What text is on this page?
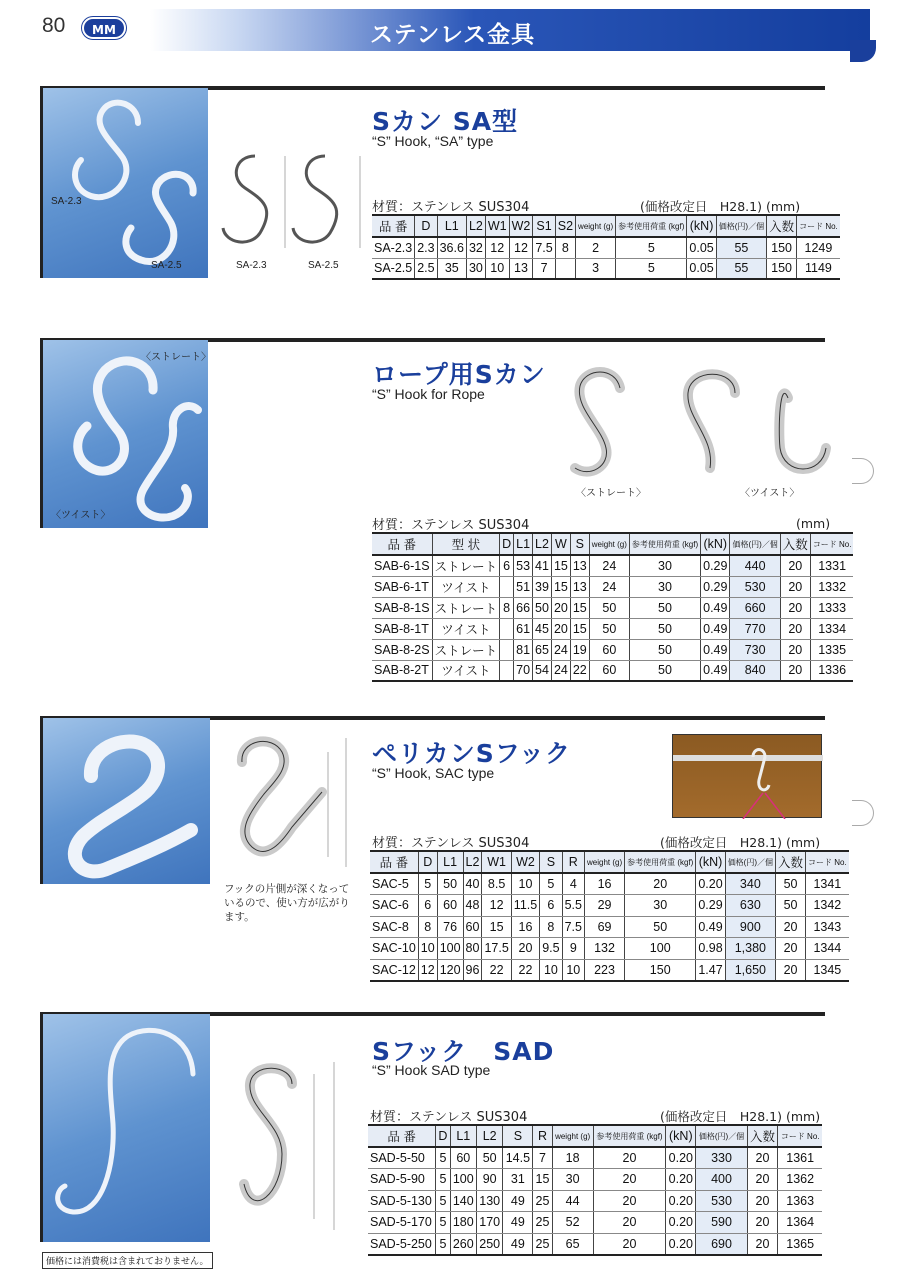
80	MM	ステンレス金具
SA-2.3
SA-2.5	SA-2.3	SA-2.5
Sカン SA型
“S” Hook, “SA” type
材質：ステンレス SUS304	(価格改定日　H28.1) (mm)
品 番	D	L1	L2	W1	W2	S1	S2	weight (g)	参考使用荷重 (kgf)	(kN)	価格(円)／個	入数	コード No.
SA-2.3	2.3	36.6	32	12	12	7.5	8	2	5	0.05	55	150	1249
SA-2.5	2.5	35	30	10	13	7		3	5	0.05	55	150	1149
〈ストレート〉
〈ツイスト〉
〈ストレート〉	〈ツイスト〉
ロープ用Sカン
“S” Hook for Rope
材質：ステンレス SUS304	(mm)
品 番	型 状	D	L1	L2	W	S	weight (g)	参考使用荷重 (kgf)	(kN)	価格(円)／個	入数	コード No.
SAB-6-1S	ストレート	6	53	41	15	13	24	30	0.29	440	20	1331
SAB-6-1T	ツイスト		51	39	15	13	24	30	0.29	530	20	1332
SAB-8-1S	ストレート	8	66	50	20	15	50	50	0.49	660	20	1333
SAB-8-1T	ツイスト		61	45	20	15	50	50	0.49	770	20	1334
SAB-8-2S	ストレート		81	65	24	19	60	50	0.49	730	20	1335
SAB-8-2T	ツイスト		70	54	24	22	60	50	0.49	840	20	1336
フックの片側が深くなっているので、使い方が広がります。
ペリカンSフック
“S” Hook, SAC type
材質：ステンレス SUS304	(価格改定日　H28.1) (mm)
品 番	D	L1	L2	W1	W2	S	R	weight (g)	参考使用荷重 (kgf)	(kN)	価格(円)／個	入数	コード No.
SAC-5	5	50	40	8.5	10	5	4	16	20	0.20	340	50	1341
SAC-6	6	60	48	12	11.5	6	5.5	29	30	0.29	630	50	1342
SAC-8	8	76	60	15	16	8	7.5	69	50	0.49	900	20	1343
SAC-10	10	100	80	17.5	20	9.5	9	132	100	0.98	1,380	20	1344
SAC-12	12	120	96	22	22	10	10	223	150	1.47	1,650	20	1345
Sフック　SAD
“S” Hook SAD type
材質：ステンレス SUS304	(価格改定日　H28.1) (mm)
品 番	D	L1	L2	S	R	weight (g)	参考使用荷重 (kgf)	(kN)	価格(円)／個	入数	コード No.
SAD-5-50	5	60	50	14.5	7	18	20	0.20	330	20	1361
SAD-5-90	5	100	90	31	15	30	20	0.20	400	20	1362
SAD-5-130	5	140	130	49	25	44	20	0.20	530	20	1363
SAD-5-170	5	180	170	49	25	52	20	0.20	590	20	1364
SAD-5-250	5	260	250	49	25	65	20	0.20	690	20	1365
価格には消費税は含まれておりません。
